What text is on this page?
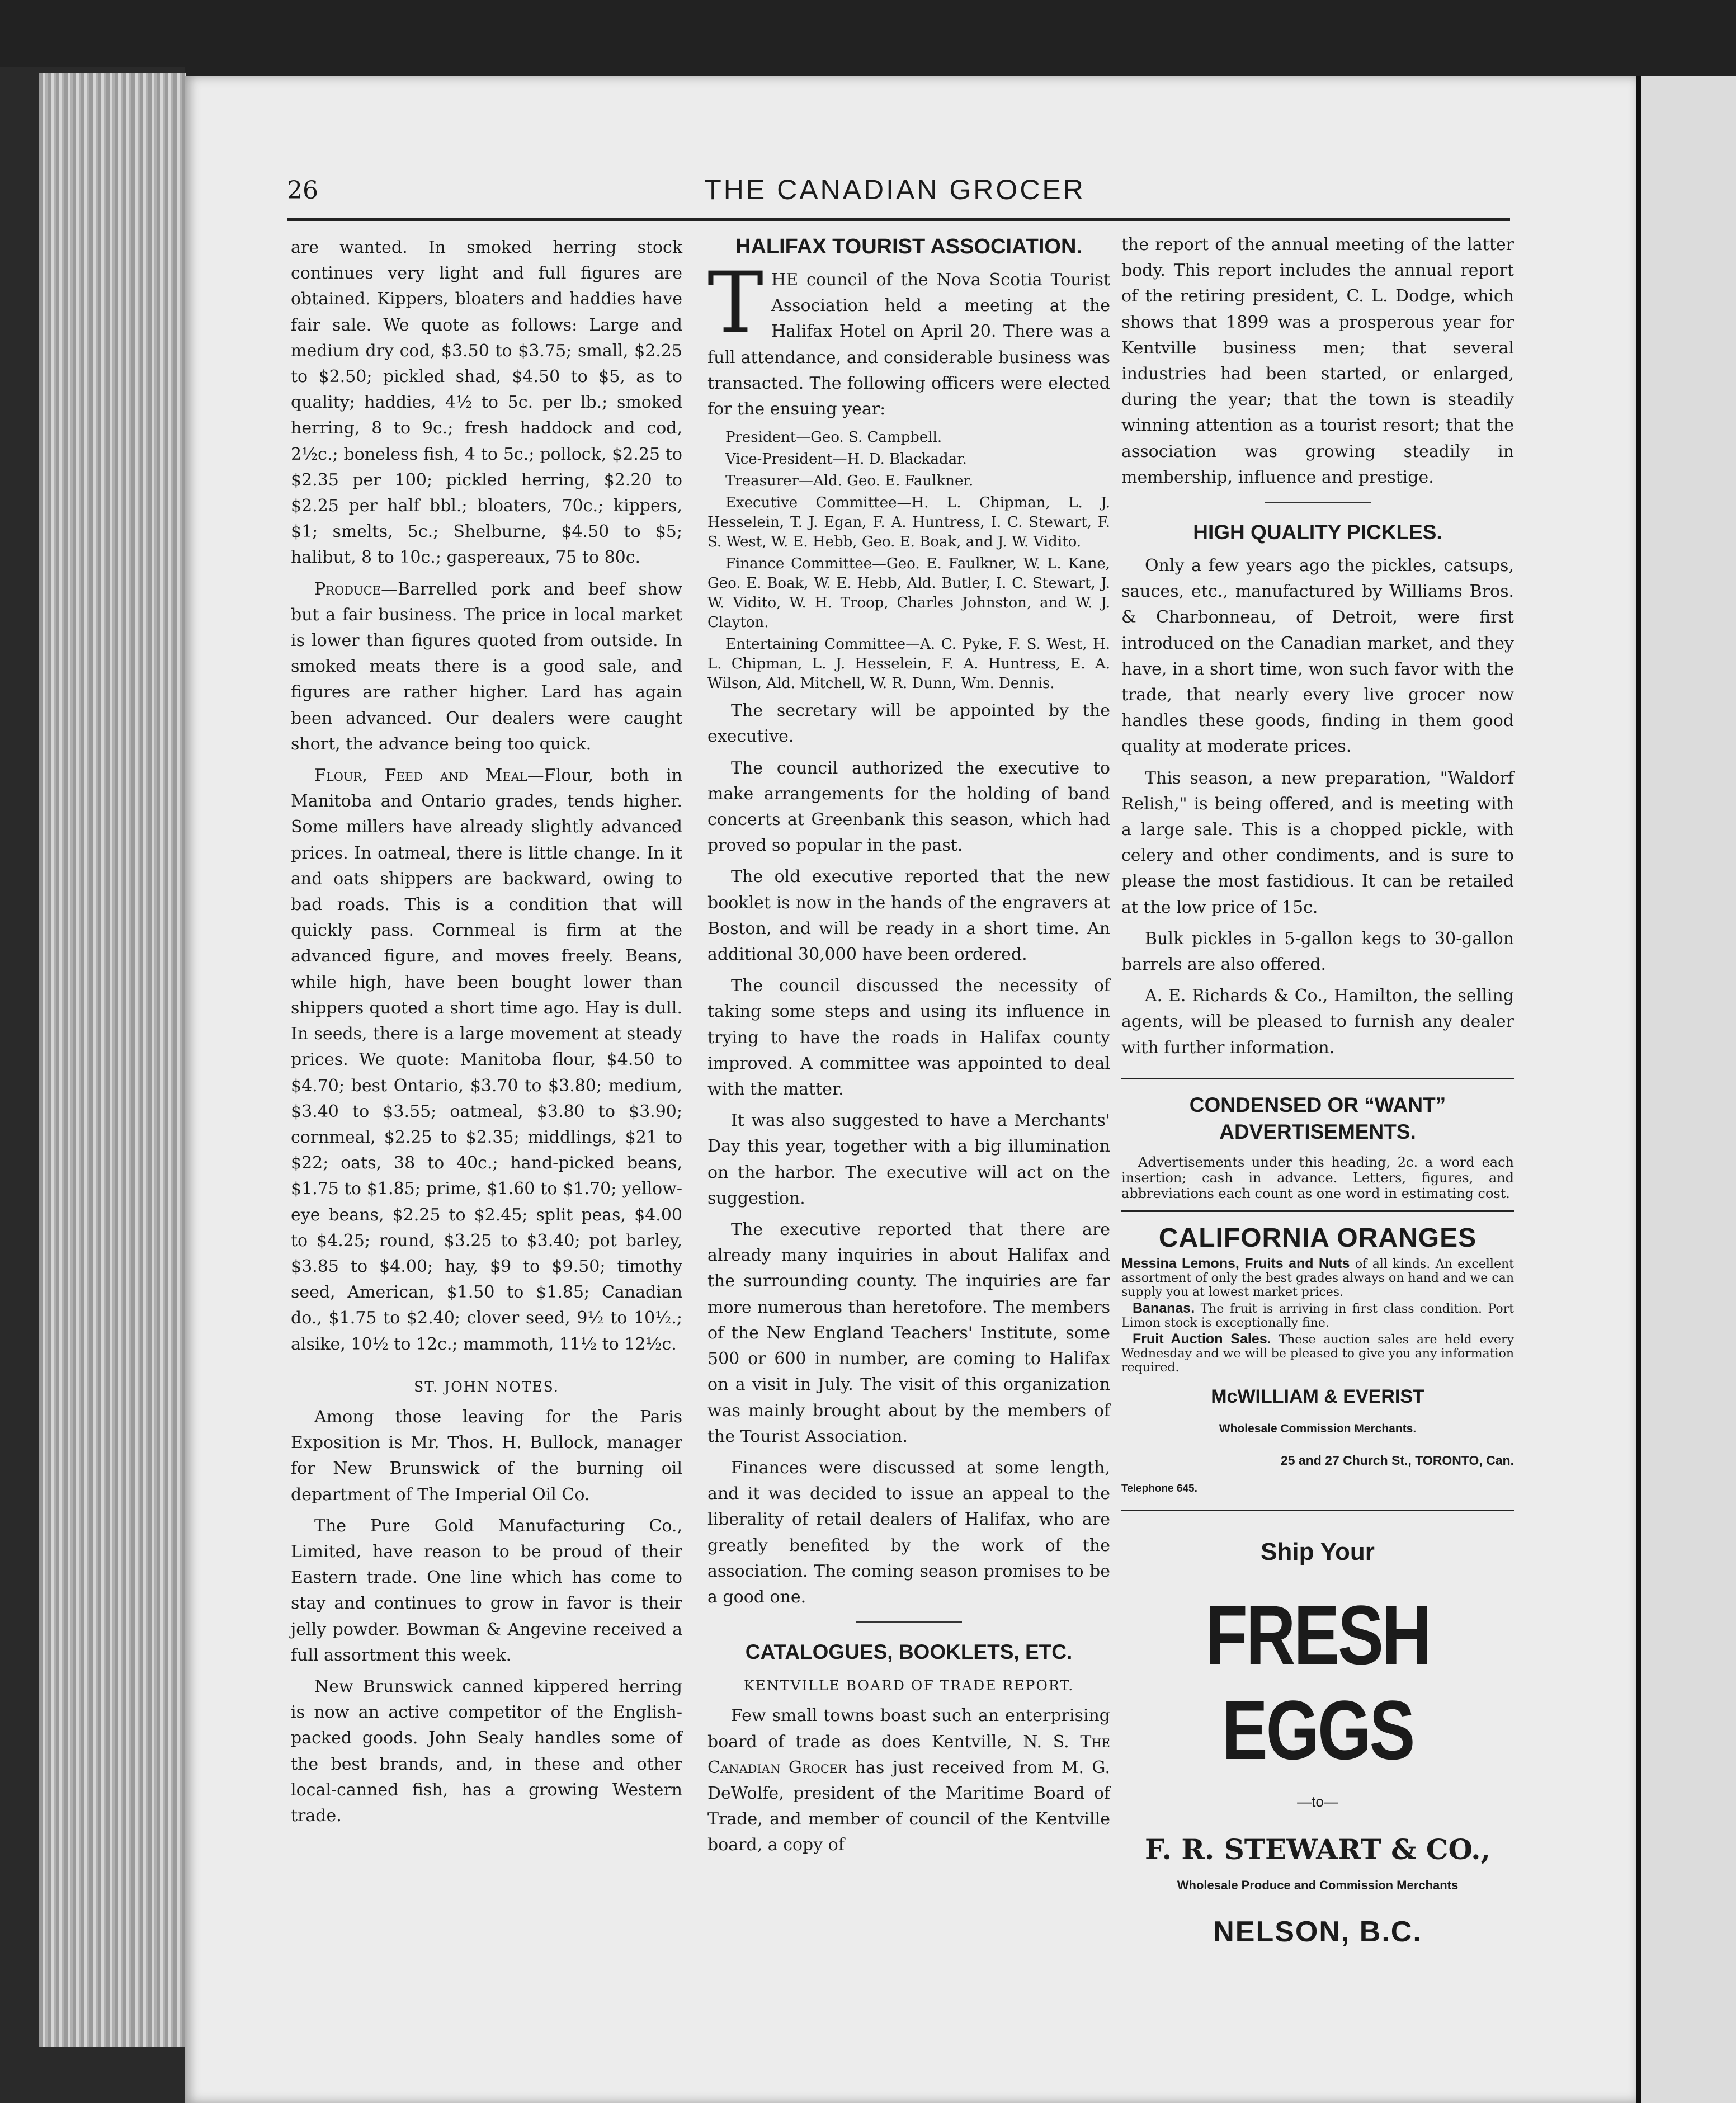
26	THE CANADIAN GROCER

are wanted. In smoked herring stock continues very light and full figures are obtained. Kippers, bloaters and haddies have fair sale. We quote as follows: Large and medium dry cod, $3.50 to $3.75; small, $2.25 to $2.50; pickled shad, $4.50 to $5, as to quality; haddies, 4½ to 5c. per lb.; smoked herring, 8 to 9c.; fresh haddock and cod, 2½c.; boneless fish, 4 to 5c.; pollock, $2.25 to $2.35 per 100; pickled herring, $2.20 to $2.25 per half bbl.; bloaters, 70c.; kippers, $1; smelts, 5c.; Shelburne, $4.50 to $5; halibut, 8 to 10c.; gaspereaux, 75 to 80c.

Produce—Barrelled pork and beef show but a fair business. The price in local market is lower than figures quoted from outside. In smoked meats there is a good sale, and figures are rather higher. Lard has again been advanced. Our dealers were caught short, the advance being too quick.

Flour, Feed and Meal—Flour, both in Manitoba and Ontario grades, tends higher. Some millers have already slightly advanced prices. In oatmeal, there is little change. In it and oats shippers are backward, owing to bad roads. This is a condition that will quickly pass. Cornmeal is firm at the advanced figure, and moves freely. Beans, while high, have been bought lower than shippers quoted a short time ago. Hay is dull. In seeds, there is a large movement at steady prices. We quote: Manitoba flour, $4.50 to $4.70; best Ontario, $3.70 to $3.80; medium, $3.40 to $3.55; oatmeal, $3.80 to $3.90; cornmeal, $2.25 to $2.35; middlings, $21 to $22; oats, 38 to 40c.; hand-picked beans, $1.75 to $1.85; prime, $1.60 to $1.70; yellow-eye beans, $2.25 to $2.45; split peas, $4.00 to $4.25; round, $3.25 to $3.40; pot barley, $3.85 to $4.00; hay, $9 to $9.50; timothy seed, American, $1.50 to $1.85; Canadian do., $1.75 to $2.40; clover seed, 9½ to 10½.; alsike, 10½ to 12c.; mammoth, 11½ to 12½c.

ST. JOHN NOTES.

Among those leaving for the Paris Exposition is Mr. Thos. H. Bullock, manager for New Brunswick of the burning oil department of The Imperial Oil Co.

The Pure Gold Manufacturing Co., Limited, have reason to be proud of their Eastern trade. One line which has come to stay and continues to grow in favor is their jelly powder. Bowman & Angevine received a full assortment this week.

New Brunswick canned kippered herring is now an active competitor of the English-packed goods. John Sealy handles some of the best brands, and, in these and other local-canned fish, has a growing Western trade.

HALIFAX TOURIST ASSOCIATION.

THE council of the Nova Scotia Tourist Association held a meeting at the Halifax Hotel on April 20. There was a full attendance, and considerable business was transacted. The following officers were elected for the ensuing year:

President—Geo. S. Campbell.
Vice-President—H. D. Blackadar.
Treasurer—Ald. Geo. E. Faulkner.
Executive Committee—H. L. Chipman, L. J. Hesselein, T. J. Egan, F. A. Huntress, I. C. Stewart, F. S. West, W. E. Hebb, Geo. E. Boak, and J. W. Vidito.
Finance Committee—Geo. E. Faulkner, W. L. Kane, Geo. E. Boak, W. E. Hebb, Ald. Butler, I. C. Stewart, J. W. Vidito, W. H. Troop, Charles Johnston, and W. J. Clayton.
Entertaining Committee—A. C. Pyke, F. S. West, H. L. Chipman, L. J. Hesselein, F. A. Huntress, E. A. Wilson, Ald. Mitchell, W. R. Dunn, Wm. Dennis.

The secretary will be appointed by the executive.

The council authorized the executive to make arrangements for the holding of band concerts at Greenbank this season, which had proved so popular in the past.

The old executive reported that the new booklet is now in the hands of the engravers at Boston, and will be ready in a short time. An additional 30,000 have been ordered.

The council discussed the necessity of taking some steps and using its influence in trying to have the roads in Halifax county improved. A committee was appointed to deal with the matter.

It was also suggested to have a Merchants' Day this year, together with a big illumination on the harbor. The executive will act on the suggestion.

The executive reported that there are already many inquiries in about Halifax and the surrounding county. The inquiries are far more numerous than heretofore. The members of the New England Teachers' Institute, some 500 or 600 in number, are coming to Halifax on a visit in July. The visit of this organization was mainly brought about by the members of the Tourist Association.

Finances were discussed at some length, and it was decided to issue an appeal to the liberality of retail dealers of Halifax, who are greatly benefited by the work of the association. The coming season promises to be a good one.

CATALOGUES, BOOKLETS, ETC.
KENTVILLE BOARD OF TRADE REPORT.

Few small towns boast such an enterprising board of trade as does Kentville, N. S. The Canadian Grocer has just received from M. G. DeWolfe, president of the Maritime Board of Trade, and member of council of the Kentville board, a copy of

the report of the annual meeting of the latter body. This report includes the annual report of the retiring president, C. L. Dodge, which shows that 1899 was a prosperous year for Kentville business men; that several industries had been started, or enlarged, during the year; that the town is steadily winning attention as a tourist resort; that the association was growing steadily in membership, influence and prestige.

HIGH QUALITY PICKLES.

Only a few years ago the pickles, catsups, sauces, etc., manufactured by Williams Bros. & Charbonneau, of Detroit, were first introduced on the Canadian market, and they have, in a short time, won such favor with the trade, that nearly every live grocer now handles these goods, finding in them good quality at moderate prices.

This season, a new preparation, "Waldorf Relish," is being offered, and is meeting with a large sale. This is a chopped pickle, with celery and other condiments, and is sure to please the most fastidious. It can be retailed at the low price of 15c.

Bulk pickles in 5-gallon kegs to 30-gallon barrels are also offered.

A. E. Richards & Co., Hamilton, the selling agents, will be pleased to furnish any dealer with further information.

CONDENSED OR “WANT”
ADVERTISEMENTS.
Advertisements under this heading, 2c. a word each insertion; cash in advance. Letters, figures, and abbreviations each count as one word in estimating cost.
CALIFORNIA ORANGES
Messina Lemons, Fruits and Nuts of all kinds. An excellent assortment of only the best grades always on hand and we can supply you at lowest market prices.
Bananas. The fruit is arriving in first class condition. Port Limon stock is exceptionally fine.
Fruit Auction Sales. These auction sales are held every Wednesday and we will be pleased to give you any information required.
McWILLIAM & EVERIST
Wholesale Commission Merchants.
25 and 27 Church St., TORONTO, Can.
Telephone 645.
Ship Your
FRESH EGGS
—to—
F. R. STEWART & CO.,
Wholesale Produce and Commission Merchants
NELSON, B.C.
